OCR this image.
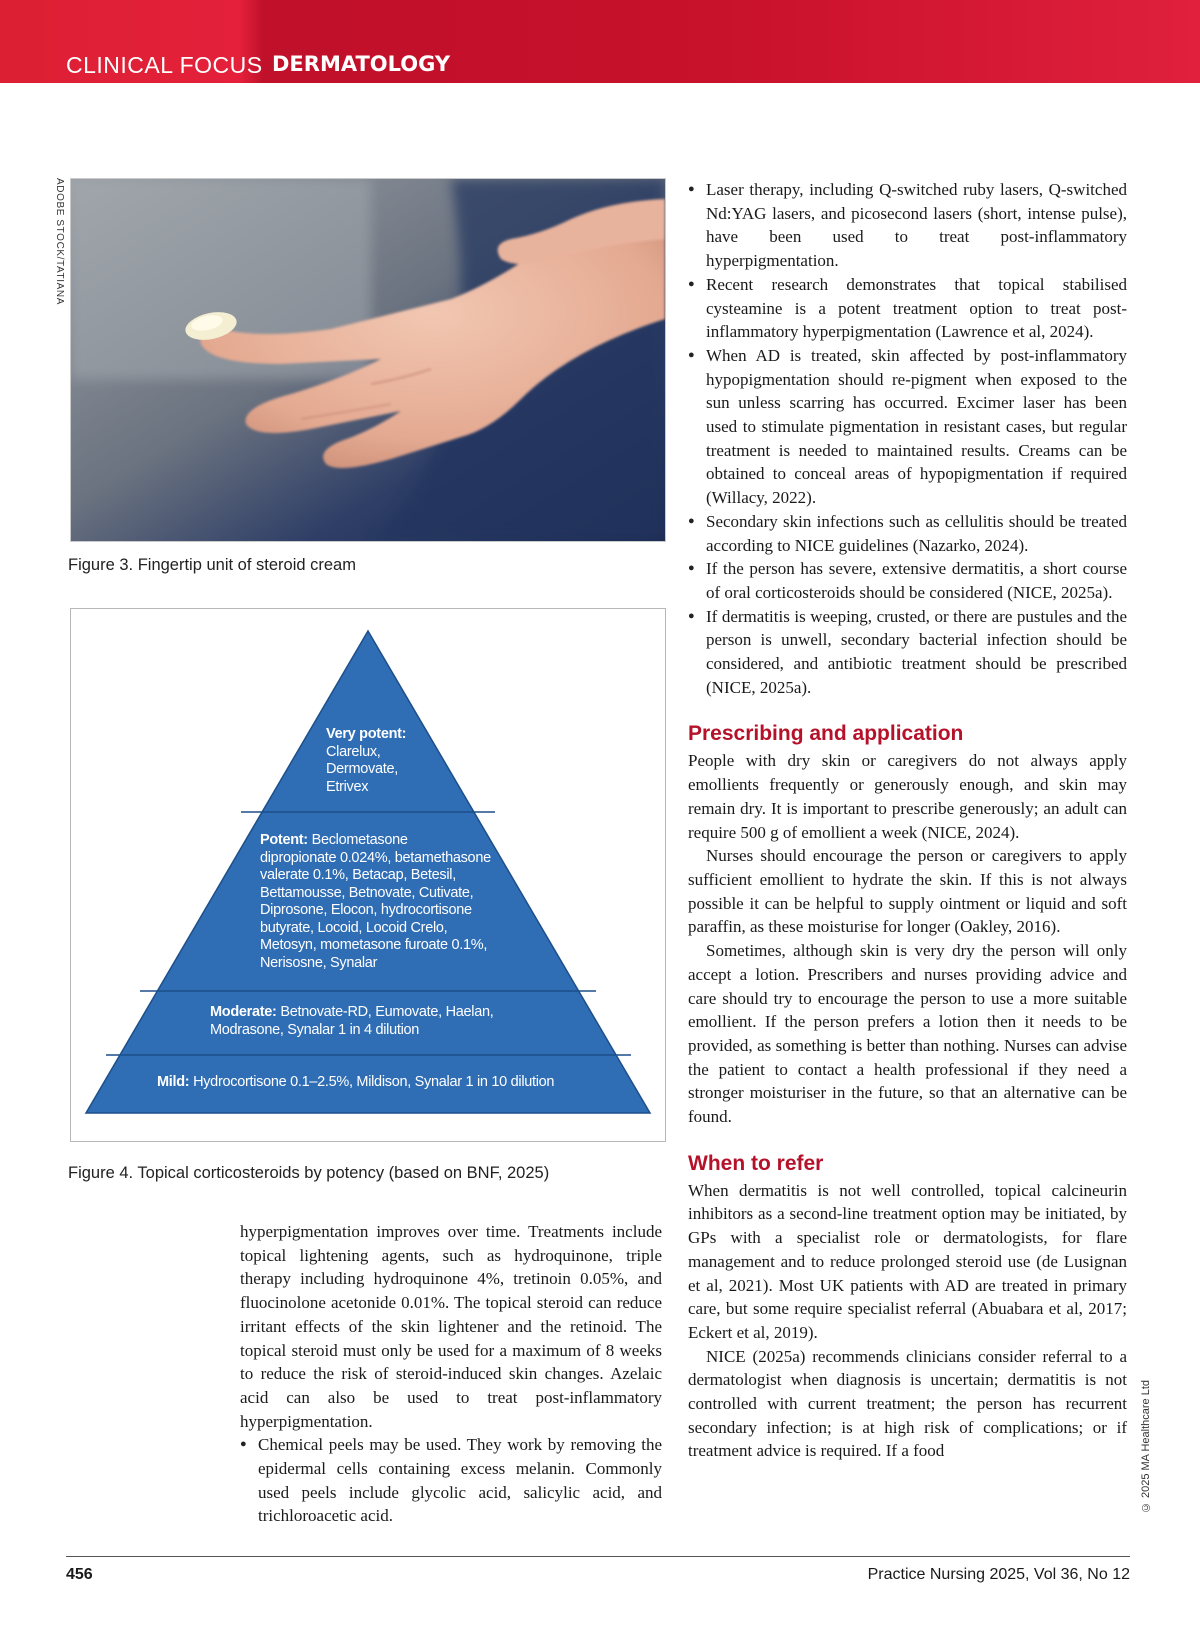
CLINICAL FOCUS DERMATOLOGY
ADOBE STOCK/TATIANA
Figure 3. Fingertip unit of steroid cream
Very potent:
Clarelux,
Dermovate,
Etrivex
Potent: Beclometasone
dipropionate 0.024%, betamethasone
valerate 0.1%, Betacap, Betesil,
Bettamousse, Betnovate, Cutivate,
Diprosone, Elocon, hydrocortisone
butyrate, Locoid, Locoid Crelo,
Metosyn, mometasone furoate 0.1%,
Nerisosne, Synalar
Moderate: Betnovate-RD, Eumovate, Haelan,
Modrasone, Synalar 1 in 4 dilution
Mild: Hydrocortisone 0.1–2.5%, Mildison, Synalar 1 in 10 dilution
Figure 4. Topical corticosteroids by potency (based on BNF, 2025)

hyperpigmentation improves over time. Treatments include topical lightening agents, such as hydroquinone, triple therapy including hydroquinone 4%, tretinoin 0.05%, and fluocinolone acetonide 0.01%. The topical steroid can reduce irritant effects of the skin lightener and the retinoid. The topical steroid must only be used for a maximum of 8 weeks to reduce the risk of steroid-induced skin changes. Azelaic acid can also be used to treat post-inflammatory hyperpigmentation.

● Chemical peels may be used. They work by removing the epidermal cells containing excess melanin. Commonly used peels include glycolic acid, salicylic acid, and trichloroacetic acid.
● Laser therapy, including Q-switched ruby lasers, Q-switched Nd:YAG lasers, and picosecond lasers (short, intense pulse), have been used to treat post-inflammatory hyperpigmentation.
● Recent research demonstrates that topical stabilised cysteamine is a potent treatment option to treat post-inflammatory hyperpigmentation (Lawrence et al, 2024).
● When AD is treated, skin affected by post-inflammatory hypopigmentation should re-pigment when exposed to the sun unless scarring has occurred. Excimer laser has been used to stimulate pigmentation in resistant cases, but regular treatment is needed to maintained results. Creams can be obtained to conceal areas of hypopigmentation if required (Willacy, 2022).
● Secondary skin infections such as cellulitis should be treated according to NICE guidelines (Nazarko, 2024).
● If the person has severe, extensive dermatitis, a short course of oral corticosteroids should be considered (NICE, 2025a).
● If dermatitis is weeping, crusted, or there are pustules and the person is unwell, secondary bacterial infection should be considered, and antibiotic treatment should be prescribed (NICE, 2025a).
Prescribing and application

People with dry skin or caregivers do not always apply emollients frequently or generously enough, and skin may remain dry. It is important to prescribe generously; an adult can require 500 g of emollient a week (NICE, 2024).

Nurses should encourage the person or caregivers to apply sufficient emollient to hydrate the skin. If this is not always possible it can be helpful to supply ointment or liquid and soft paraffin, as these moisturise for longer (Oakley, 2016).

Sometimes, although skin is very dry the person will only accept a lotion. Prescribers and nurses providing advice and care should try to encourage the person to use a more suitable emollient. If the person prefers a lotion then it needs to be provided, as something is better than nothing. Nurses can advise the patient to contact a health professional if they need a stronger moisturiser in the future, so that an alternative can be found.

When to refer

When dermatitis is not well controlled, topical calcineurin inhibitors as a second-line treatment option may be initiated, by GPs with a specialist role or dermatologists, for flare management and to reduce prolonged steroid use (de Lusignan et al, 2021). Most UK patients with AD are treated in primary care, but some require specialist referral (Abuabara et al, 2017; Eckert et al, 2019).

NICE (2025a) recommends clinicians consider referral to a dermatologist when diagnosis is uncertain; dermatitis is not controlled with current treatment; the person has recurrent secondary infection; is at high risk of complications; or if treatment advice is required. If a food	© 2025 MA Healthcare Ltd
456	Practice Nursing 2025, Vol 36, No 12
